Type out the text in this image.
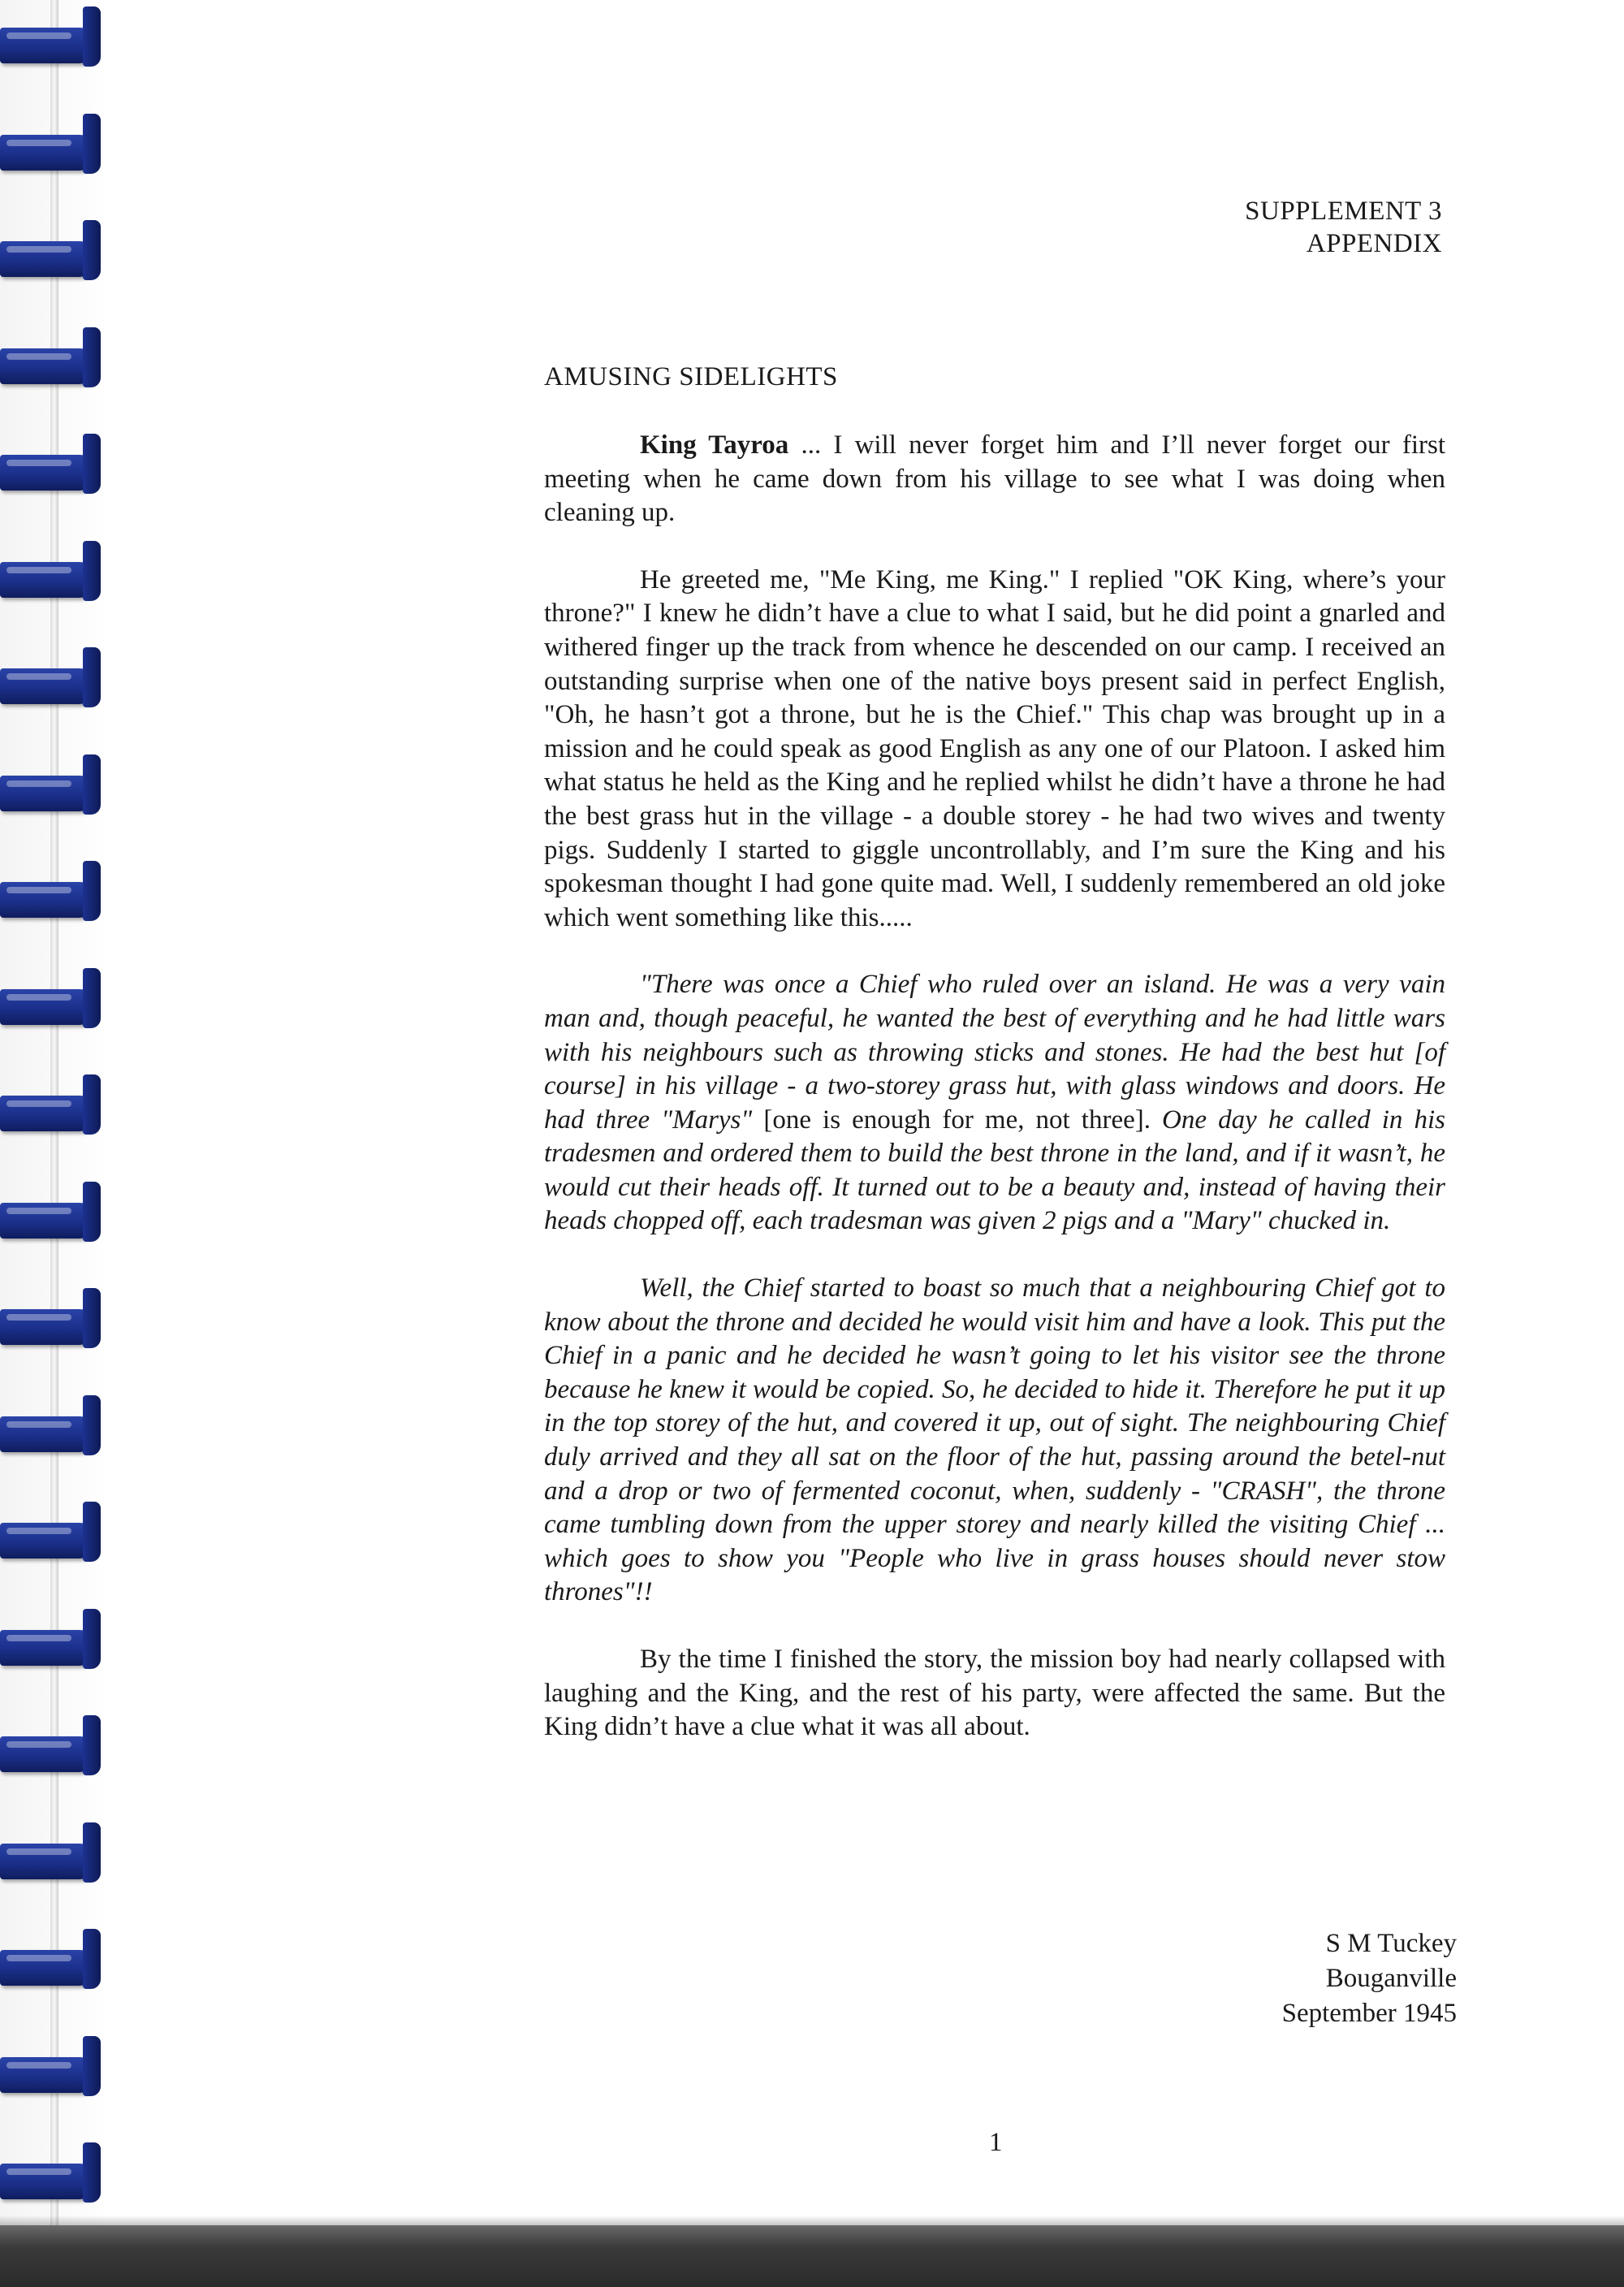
SUPPLEMENT 3
APPENDIX
AMUSING SIDELIGHTS

King Tayroa ... I will never forget him and I’ll never forget our first meeting when he came down from his village to see what I was doing when cleaning up.

He greeted me, "Me King, me King." I replied "OK King, where’s your throne?" I knew he didn’t have a clue to what I said, but he did point a gnarled and withered finger up the track from whence he descended on our camp. I received an outstanding surprise when one of the native boys present said in perfect English, "Oh, he hasn’t got a throne, but he is the Chief." This chap was brought up in a mission and he could speak as good English as any one of our Platoon. I asked him what status he held as the King and he replied whilst he didn’t have a throne he had the best grass hut in the village - a double storey - he had two wives and twenty pigs. Suddenly I started to giggle uncontrollably, and I’m sure the King and his spokesman thought I had gone quite mad. Well, I suddenly remembered an old joke which went something like this.....

"There was once a Chief who ruled over an island. He was a very vain man and, though peaceful, he wanted the best of everything and he had little wars with his neighbours such as throwing sticks and stones. He had the best hut [of course] in his village - a two-storey grass hut, with glass windows and doors. He had three "Marys" [one is enough for me, not three]. One day he called in his tradesmen and ordered them to build the best throne in the land, and if it wasn’t, he would cut their heads off. It turned out to be a beauty and, instead of having their heads chopped off, each tradesman was given 2 pigs and a "Mary" chucked in.

Well, the Chief started to boast so much that a neighbouring Chief got to know about the throne and decided he would visit him and have a look. This put the Chief in a panic and he decided he wasn’t going to let his visitor see the throne because he knew it would be copied. So, he decided to hide it. Therefore he put it up in the top storey of the hut, and covered it up, out of sight. The neighbouring Chief duly arrived and they all sat on the floor of the hut, passing around the betel-nut and a drop or two of fermented coconut, when, suddenly - "CRASH", the throne came tumbling down from the upper storey and nearly killed the visiting Chief ... which goes to show you "People who live in grass houses should never stow thrones"!!

By the time I finished the story, the mission boy had nearly collapsed with laughing and the King, and the rest of his party, were affected the same. But the King didn’t have a clue what it was all about.

S M Tuckey
Bouganville
September 1945
1
